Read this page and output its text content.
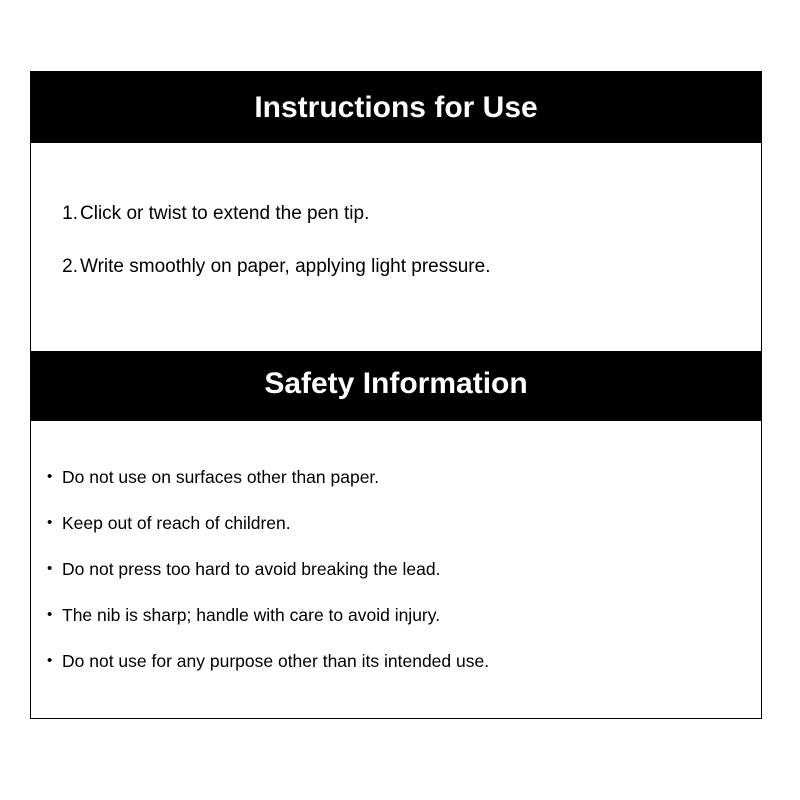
Instructions for Use
1. Click or twist to extend the pen tip.
2. Write smoothly on paper, applying light pressure.
Safety Information
• Do not use on surfaces other than paper.
• Keep out of reach of children.
• Do not press too hard to avoid breaking the lead.
• The nib is sharp; handle with care to avoid injury.
• Do not use for any purpose other than its intended use.
